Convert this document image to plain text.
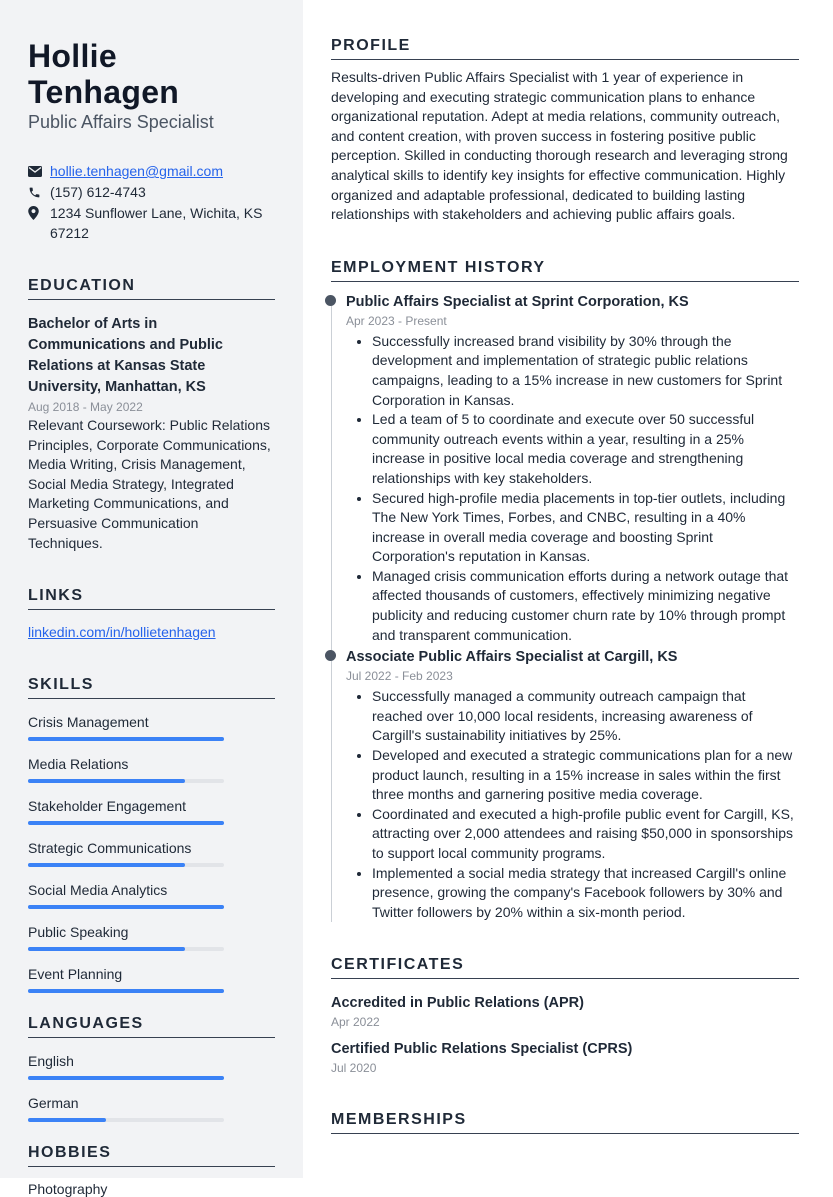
Hollie Tenhagen
Public Affairs Specialist
hollie.tenhagen@gmail.com
(157) 612-4743
1234 Sunflower Lane, Wichita, KS 67212
EDUCATION
Bachelor of Arts in Communications and Public Relations at Kansas State University, Manhattan, KS
Aug 2018 - May 2022
Relevant Coursework: Public Relations Principles, Corporate Communications, Media Writing, Crisis Management, Social Media Strategy, Integrated Marketing Communications, and Persuasive Communication Techniques.
LINKS
linkedin.com/in/hollietenhagen
SKILLS
Crisis Management
Media Relations
Stakeholder Engagement
Strategic Communications
Social Media Analytics
Public Speaking
Event Planning
LANGUAGES
English
German
HOBBIES
Photography
PROFILE
Results-driven Public Affairs Specialist with 1 year of experience in developing and executing strategic communication plans to enhance organizational reputation. Adept at media relations, community outreach, and content creation, with proven success in fostering positive public perception. Skilled in conducting thorough research and leveraging strong analytical skills to identify key insights for effective communication. Highly organized and adaptable professional, dedicated to building lasting relationships with stakeholders and achieving public affairs goals.
EMPLOYMENT HISTORY
Public Affairs Specialist at Sprint Corporation, KS
Apr 2023 - Present
• Successfully increased brand visibility by 30% through the development and implementation of strategic public relations campaigns, leading to a 15% increase in new customers for Sprint Corporation in Kansas.
• Led a team of 5 to coordinate and execute over 50 successful community outreach events within a year, resulting in a 25% increase in positive local media coverage and strengthening relationships with key stakeholders.
• Secured high-profile media placements in top-tier outlets, including The New York Times, Forbes, and CNBC, resulting in a 40% increase in overall media coverage and boosting Sprint Corporation's reputation in Kansas.
• Managed crisis communication efforts during a network outage that affected thousands of customers, effectively minimizing negative publicity and reducing customer churn rate by 10% through prompt and transparent communication.
Associate Public Affairs Specialist at Cargill, KS
Jul 2022 - Feb 2023
• Successfully managed a community outreach campaign that reached over 10,000 local residents, increasing awareness of Cargill's sustainability initiatives by 25%.
• Developed and executed a strategic communications plan for a new product launch, resulting in a 15% increase in sales within the first three months and garnering positive media coverage.
• Coordinated and executed a high-profile public event for Cargill, KS, attracting over 2,000 attendees and raising $50,000 in sponsorships to support local community programs.
• Implemented a social media strategy that increased Cargill's online presence, growing the company's Facebook followers by 30% and Twitter followers by 20% within a six-month period.
CERTIFICATES
Accredited in Public Relations (APR)
Apr 2022
Certified Public Relations Specialist (CPRS)
Jul 2020
MEMBERSHIPS
